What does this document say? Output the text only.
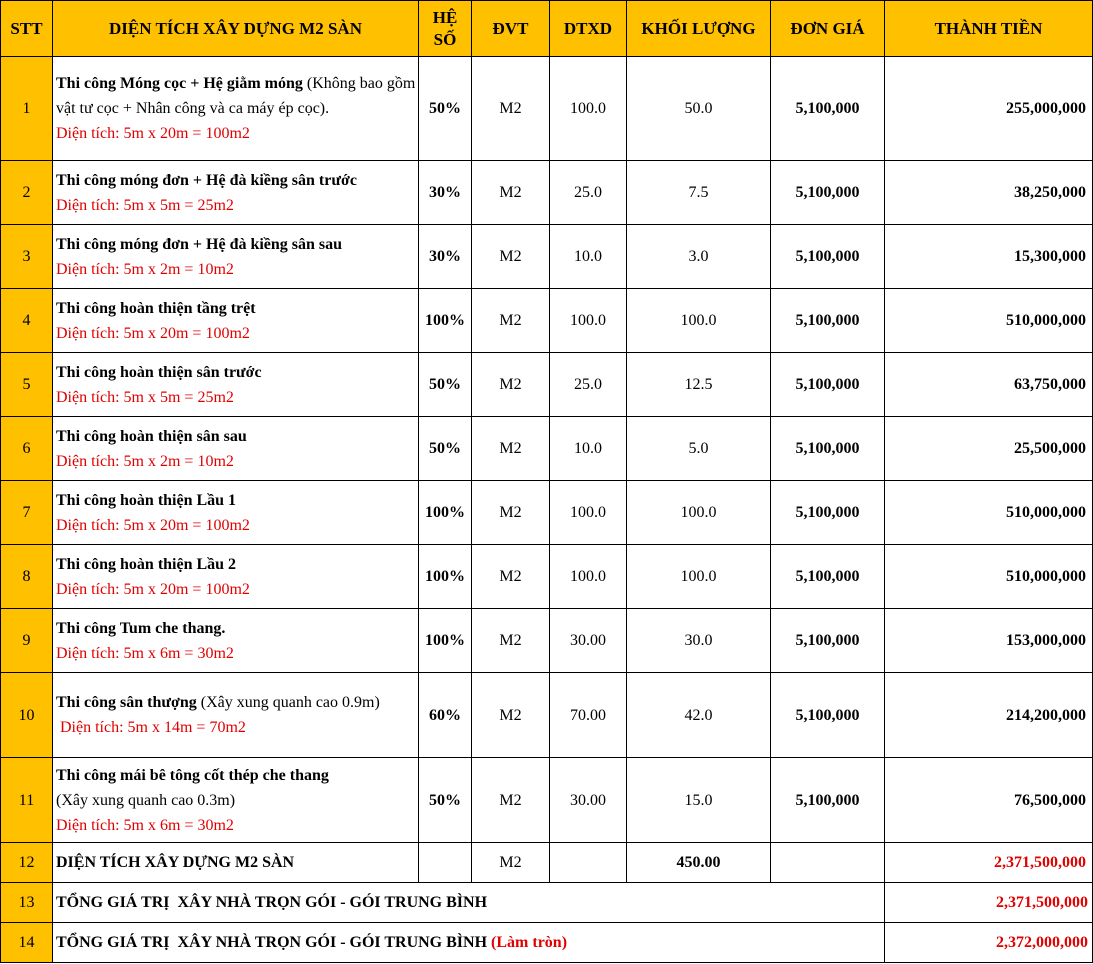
STT	DIỆN TÍCH XÂY DỰNG M2 SÀN	HỆ
SỐ	ĐVT	DTXD	KHỐI LƯỢNG	ĐƠN GIÁ	THÀNH TIỀN
1	Thi công Móng cọc + Hệ giằm móng (Không bao gồm vật tư cọc + Nhân công và ca máy ép cọc).
Diện tích: 5m x 20m = 100m2	50%	M2	100.0	50.0	5,100,000	255,000,000
2	Thi công móng đơn + Hệ đà kiềng sân trước
Diện tích: 5m x 5m = 25m2	30%	M2	25.0	7.5	5,100,000	38,250,000
3	Thi công móng đơn + Hệ đà kiềng sân sau
Diện tích: 5m x 2m = 10m2	30%	M2	10.0	3.0	5,100,000	15,300,000
4	Thi công hoàn thiện tầng trệt
Diện tích: 5m x 20m = 100m2	100%	M2	100.0	100.0	5,100,000	510,000,000
5	Thi công hoàn thiện sân trước
Diện tích: 5m x 5m = 25m2	50%	M2	25.0	12.5	5,100,000	63,750,000
6	Thi công hoàn thiện sân sau
Diện tích: 5m x 2m = 10m2	50%	M2	10.0	5.0	5,100,000	25,500,000
7	Thi công hoàn thiện Lầu 1
Diện tích: 5m x 20m = 100m2	100%	M2	100.0	100.0	5,100,000	510,000,000
8	Thi công hoàn thiện Lầu 2
Diện tích: 5m x 20m = 100m2	100%	M2	100.0	100.0	5,100,000	510,000,000
9	Thi công Tum che thang.
Diện tích: 5m x 6m = 30m2	100%	M2	30.00	30.0	5,100,000	153,000,000
10	Thi công sân thượng (Xây xung quanh cao 0.9m)
Diện tích: 5m x 14m = 70m2	60%	M2	70.00	42.0	5,100,000	214,200,000
11	Thi công mái bê tông cốt thép che thang
(Xây xung quanh cao 0.3m)
Diện tích: 5m x 6m = 30m2	50%	M2	30.00	15.0	5,100,000	76,500,000
12	DIỆN TÍCH XÂY DỰNG M2 SÀN		M2		450.00		2,371,500,000
13	TỔNG GIÁ TRỊ  XÂY NHÀ TRỌN GÓI - GÓI TRUNG BÌNH						2,371,500,000
14	TỔNG GIÁ TRỊ  XÂY NHÀ TRỌN GÓI - GÓI TRUNG BÌNH (Làm tròn)						2,372,000,000
